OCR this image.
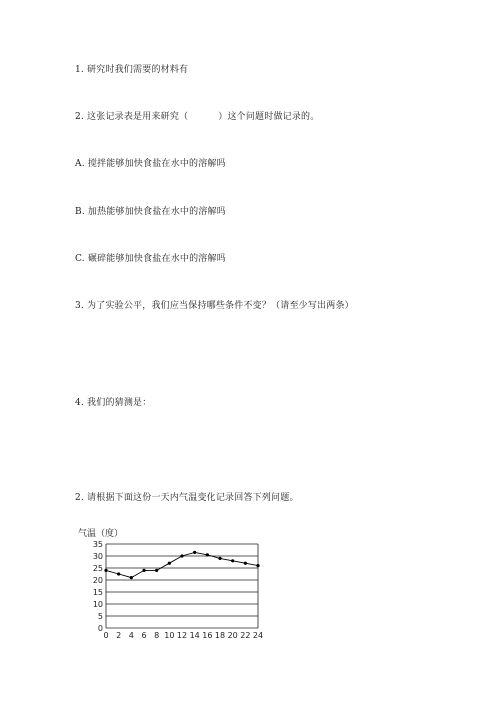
1. 研究时我们需要的材料有
2. 这张记录表是用来研究（	）这个问题时做记录的。
A. 搅拌能够加快食盐在水中的溶解吗
B. 加热能够加快食盐在水中的溶解吗
C. 碾碎能够加快食盐在水中的溶解吗
3. 为了实验公平，我们应当保持哪些条件不变？（请至少写出两条）
4. 我们的猜测是：
2. 请根据下面这份一天内气温变化记录回答下列问题。
0
5
10
15
20
25
30
35
0 2 4 6 8 10 12 14 16 18 20 22 24
气温（度）
